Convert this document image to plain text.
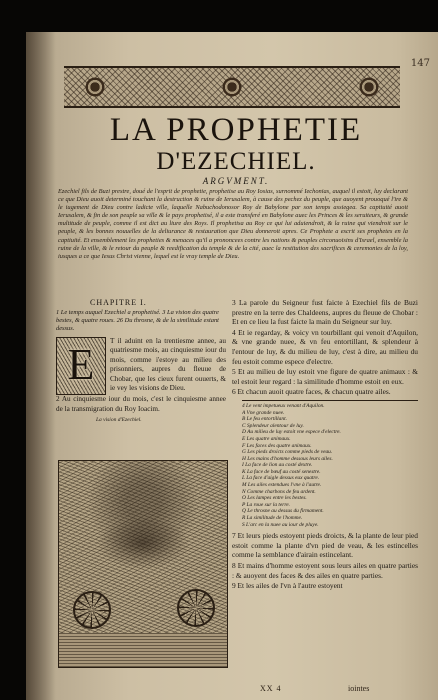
147
LA PROPHETIE
D'EZECHIEL.
ARGVMENT.
Ezechiel fils de Buzi prestre, doué de l'esprit de prophetie, prophetise au Roy Iosias, surnommé Iechonias, auquel il estoit, luy declarant ce que Dieu auoit determiné touchant la destruction & ruine de Ierusalem, à cause des pechez du peuple, que auoyent prouoqué l'ire & le iugement de Dieu contre ladicte ville, laquelle Nabuchodonosor Roy de Babylone par son temps assiegea. Sa captiuité auoit Ierusalem, & fin de son peuple sa ville & le pays prophetisé, il a este transferé en Babylone auec les Princes & les seruiteurs, & grande multitude de peuple, comme il est dict au liure des Roys. Il prophetisa au Roy ce qui lui aduiendroit, & la ruine qui viendroit sur le peuple, & les bonnes nouuelles de la deliurance & restauration que Dieu donneroit apres. Ce Prophete a escrit ses prophetes en la captiuité. Et ensemblement les propheties & menaces qu'il a prononcees contre les nations & peuples circonuoisins d'Israel, ensemble la ruine de la ville, & le retour du peuple & reedification du temple & de la cité, auec la restitution des sacrifices & ceremonies de la loy, iusques a ce que Iesus Christ vienne, lequel est le vray temple de Dieu.
CHAPITRE I.
1 Le temps auquel Ezechiel a prophetisé. 3 La vision des quatre bestes, & quatre roues. 26 Du throsne, & de la similitude estant dessus.
E	T il aduint en la trentiesme annee, au quatriesme mois, au cinquiesme iour du mois, comme i'estoye au milieu des prisonniers, aupres du fleuue de Chobar, que les cieux furent ouuerts, & ie vey les visions de Dieu.
2 Au cinquiesme iour du mois, c'est le cinquiesme annee de la transmigration du Roy Ioacim.
La vision d'Ezechiel.

3 La parole du Seigneur fust faicte à Ezechiel fils de Buzi prestre en la terre des Chaldeens, aupres du fleuue de Chobar : Et en ce lieu la fust faicte la main du Seigneur sur luy.

4 Et ie regarday, & voicy vn tourbillant qui venoit d'Aquilon, & vne grande nuee, & vn feu entortillant, & splendeur à l'entour de luy, & du milieu de luy, c'est à dire, au milieu du feu estoit comme espece d'electre.

5 Et au milieu de luy estoit vne figure de quatre animaux : & tel estoit leur regard : la similitude d'homme estoit en eux.

6 Et chacun auoit quatre faces, & chacun quatre ailes.

4 Le vent impetueux venant d'Aquilon.
A Vne grande nuee.
B Le feu entortillant.
C Splendeur alentour de luy.
D Au milieu de luy estoit vne espece d'electre.
E Les quatre animaux.
F Les faces des quatre animaux.
G Les pieds droicts comme pieds de veau.
H Les mains d'homme dessous leurs ailes.
I La face de lion au costé dextre.
K La face de bœuf au costé senestre.
L La face d'aigle dessus eux quatre.
M Les ailes estendues l'vne à l'autre.
N Comme charbons de feu ardent.
O Les lampes entre les bestes.
P La roue sur la terre.
Q Le throsne au dessus du firmament.
R La similitude de l'homme.
S L'arc en la nuee au iour de pluye.

7 Et leurs pieds estoyent pieds droicts, & la plante de leur pied estoit comme la plante d'vn pied de veau, & les estincelles comme la semblance d'airain estincelant.

8 Et mains d'homme estoyent sous leurs ailes en quatre parties : & auoyent des faces & des ailes en quatre parties.

9 Et les ailes de l'vn à l'autre estoyent

XX 4	iointes
